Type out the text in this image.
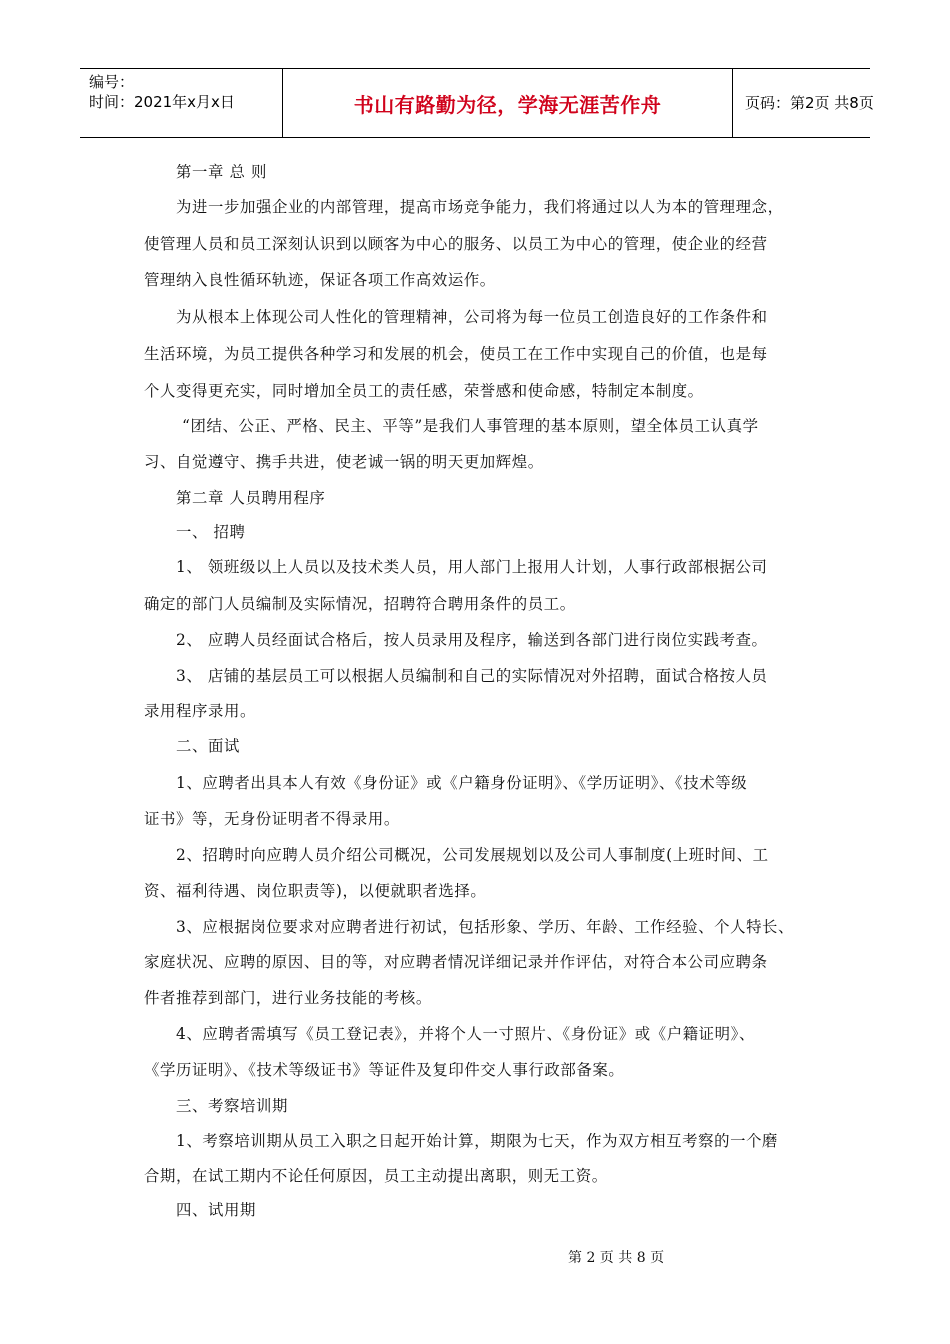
编号：
时间：2021年x月x日	书山有路勤为径，学海无涯苦作舟	页码：第2页 共8页
第一章 总 则
为进一步加强企业的内部管理，提高市场竞争能力，我们将通过以人为本的管理理念，
使管理人员和员工深刻认识到以顾客为中心的服务、以员工为中心的管理，使企业的经营
管理纳入良性循环轨迹，保证各项工作高效运作。
为从根本上体现公司人性化的管理精神，公司将为每一位员工创造良好的工作条件和
生活环境，为员工提供各种学习和发展的机会，使员工在工作中实现自己的价值，也是每
个人变得更充实，同时增加全员工的责任感，荣誉感和使命感，特制定本制度。
“团结、公正、严格、民主、平等”是我们人事管理的基本原则，望全体员工认真学
习、自觉遵守、携手共进，使老诚一锅的明天更加辉煌。
第二章 人员聘用程序
一、 招聘
1、 领班级以上人员以及技术类人员，用人部门上报用人计划，人事行政部根据公司
确定的部门人员编制及实际情况，招聘符合聘用条件的员工。
2、 应聘人员经面试合格后，按人员录用及程序，输送到各部门进行岗位实践考查。
3、 店铺的基层员工可以根据人员编制和自己的实际情况对外招聘，面试合格按人员
录用程序录用。
二、面试
1、应聘者出具本人有效《身份证》或《户籍身份证明》、《学历证明》、《技术等级
证书》等，无身份证明者不得录用。
2、招聘时向应聘人员介绍公司概况，公司发展规划以及公司人事制度(上班时间、工
资、福利待遇、岗位职责等)，以便就职者选择。
3、应根据岗位要求对应聘者进行初试，包括形象、学历、年龄、工作经验、个人特长、
家庭状况、应聘的原因、目的等，对应聘者情况详细记录并作评估，对符合本公司应聘条
件者推荐到部门，进行业务技能的考核。
4、应聘者需填写《员工登记表》，并将个人一寸照片、《身份证》或《户籍证明》、
《学历证明》、《技术等级证书》等证件及复印件交人事行政部备案。
三、考察培训期
1、考察培训期从员工入职之日起开始计算，期限为七天，作为双方相互考察的一个磨
合期，在试工期内不论任何原因，员工主动提出离职，则无工资。
四、试用期
第 2 页 共 8 页
